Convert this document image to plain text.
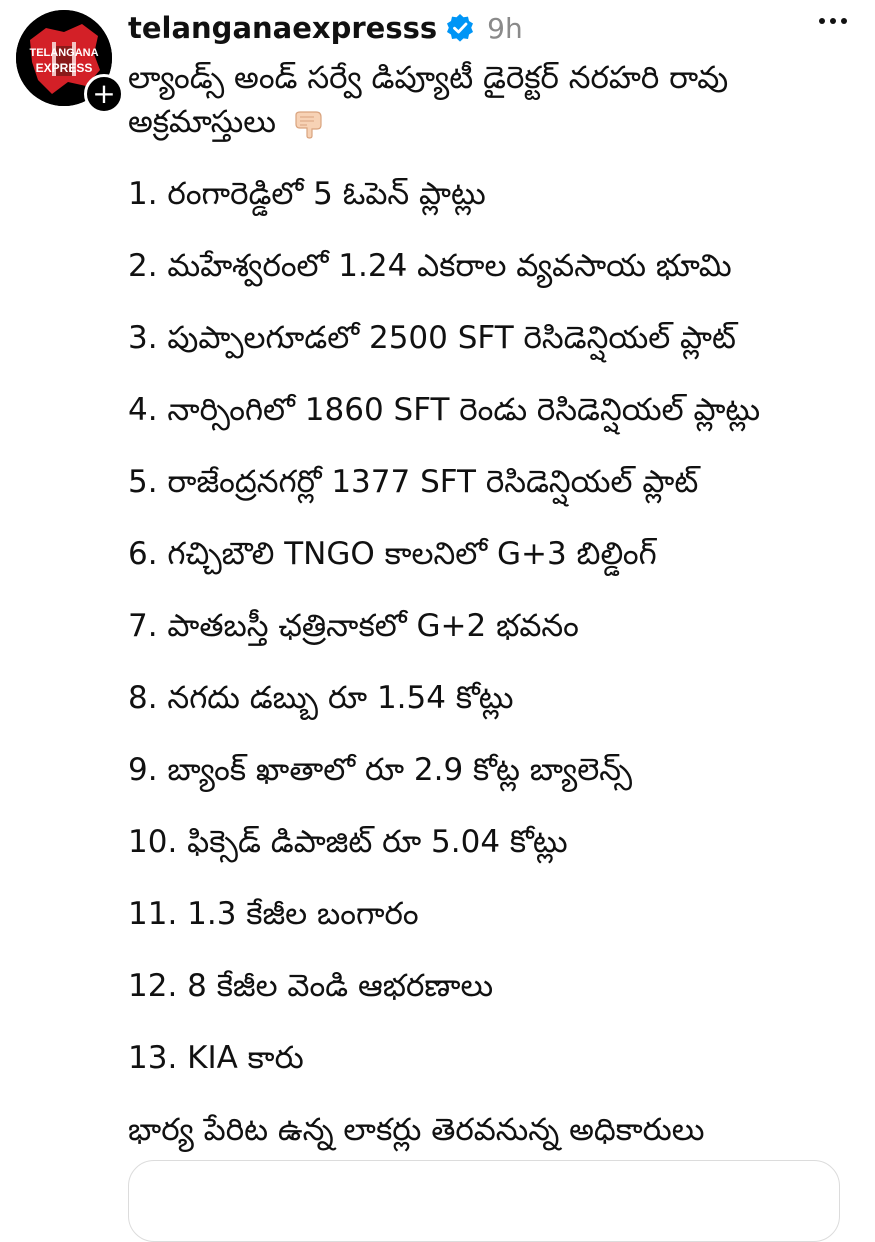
TELANGANA
EXPRESS
+
telanganaexpresss 9h

ల్యాండ్స్ అండ్ సర్వే డిప్యూటీ డైరెక్టర్ నరహరి రావు అక్రమాస్తులు

1. రంగారెడ్డిలో 5 ఓపెన్ ప్లాట్లు
2. మహేశ్వరంలో 1.24 ఎకరాల వ్యవసాయ భూమి
3. పుప్పాలగూడలో 2500 SFT రెసిడెన్షియల్ ప్లాట్
4. నార్సింగిలో 1860 SFT రెండు రెసిడెన్షియల్ ప్లాట్లు
5. రాజేంద్రనగర్లో 1377 SFT రెసిడెన్షియల్ ప్లాట్
6. గచ్చిబౌలి TNGO కాలనిలో G+3 బిల్డింగ్
7. పాతబస్తీ ఛత్రినాకలో G+2 భవనం
8. నగదు డబ్బు రూ 1.54 కోట్లు
9. బ్యాంక్ ఖాతాలో రూ 2.9 కోట్ల బ్యాలెన్స్
10. ఫిక్సెడ్ డిపాజిట్ రూ 5.04 కోట్లు
11. 1.3 కేజీల బంగారం
12. 8 కేజీల వెండి ఆభరణాలు
13. KIA కారు

భార్య పేరిట ఉన్న లాకర్లు తెరవనున్న అధికారులు
